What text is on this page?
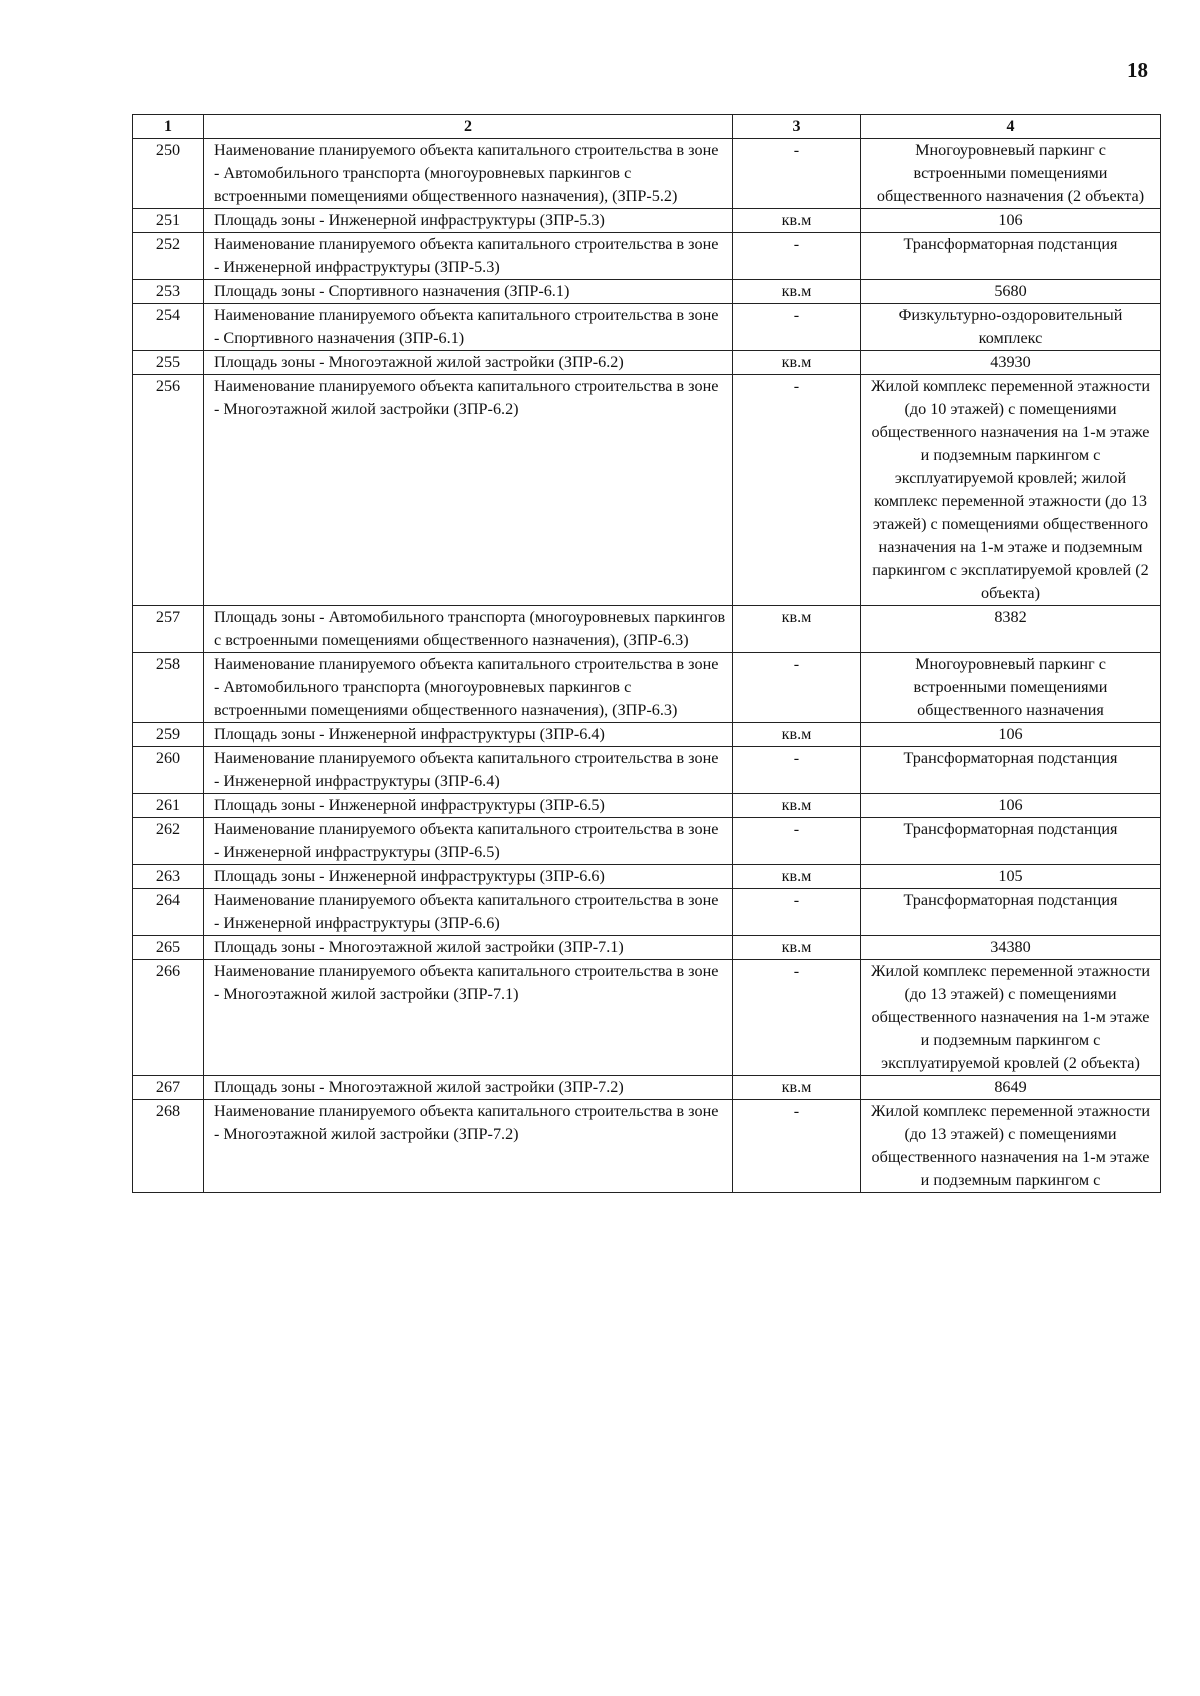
18
1	2	3	4
250	Наименование планируемого объекта капитального строительства в зоне - Автомобильного транспорта (многоуровневых паркингов с встроенными помещениями общественного назначения), (ЗПР-5.2)	-	Многоуровневый паркинг с встроенными помещениями общественного назначения (2 объекта)
251	Площадь зоны - Инженерной инфраструктуры (ЗПР-5.3)	кв.м	106
252	Наименование планируемого объекта капитального строительства в зоне - Инженерной инфраструктуры (ЗПР-5.3)	-	Трансформаторная подстанция
253	Площадь зоны - Спортивного назначения (ЗПР-6.1)	кв.м	5680
254	Наименование планируемого объекта капитального строительства в зоне - Спортивного назначения (ЗПР-6.1)	-	Физкультурно-оздоровительный комплекс
255	Площадь зоны - Многоэтажной жилой застройки (ЗПР-6.2)	кв.м	43930
256	Наименование планируемого объекта капитального строительства в зоне - Многоэтажной жилой застройки (ЗПР-6.2)	-	Жилой комплекс переменной этажности (до 10 этажей) с помещениями общественного назначения на 1-м этаже и подземным паркингом с эксплуатируемой кровлей; жилой комплекс переменной этажности (до 13 этажей) с помещениями общественного назначения на 1-м этаже и подземным паркингом с эксплатируемой кровлей (2 объекта)
257	Площадь зоны - Автомобильного транспорта (многоуровневых паркингов с встроенными помещениями общественного назначения), (ЗПР-6.3)	кв.м	8382
258	Наименование планируемого объекта капитального строительства в зоне - Автомобильного транспорта (многоуровневых паркингов с встроенными помещениями общественного назначения), (ЗПР-6.3)	-	Многоуровневый паркинг с встроенными помещениями общественного назначения
259	Площадь зоны - Инженерной инфраструктуры (ЗПР-6.4)	кв.м	106
260	Наименование планируемого объекта капитального строительства в зоне - Инженерной инфраструктуры (ЗПР-6.4)	-	Трансформаторная подстанция
261	Площадь зоны - Инженерной инфраструктуры (ЗПР-6.5)	кв.м	106
262	Наименование планируемого объекта капитального строительства в зоне - Инженерной инфраструктуры (ЗПР-6.5)	-	Трансформаторная подстанция
263	Площадь зоны - Инженерной инфраструктуры (ЗПР-6.6)	кв.м	105
264	Наименование планируемого объекта капитального строительства в зоне - Инженерной инфраструктуры (ЗПР-6.6)	-	Трансформаторная подстанция
265	Площадь зоны - Многоэтажной жилой застройки (ЗПР-7.1)	кв.м	34380
266	Наименование планируемого объекта капитального строительства в зоне - Многоэтажной жилой застройки (ЗПР-7.1)	-	Жилой комплекс переменной этажности (до 13 этажей) с помещениями общественного назначения на 1-м этаже и подземным паркингом с эксплуатируемой кровлей (2 объекта)
267	Площадь зоны - Многоэтажной жилой застройки (ЗПР-7.2)	кв.м	8649
268	Наименование планируемого объекта капитального строительства в зоне - Многоэтажной жилой застройки (ЗПР-7.2)	-	Жилой комплекс переменной этажности (до 13 этажей) с помещениями общественного назначения на 1-м этаже и подземным паркингом с
